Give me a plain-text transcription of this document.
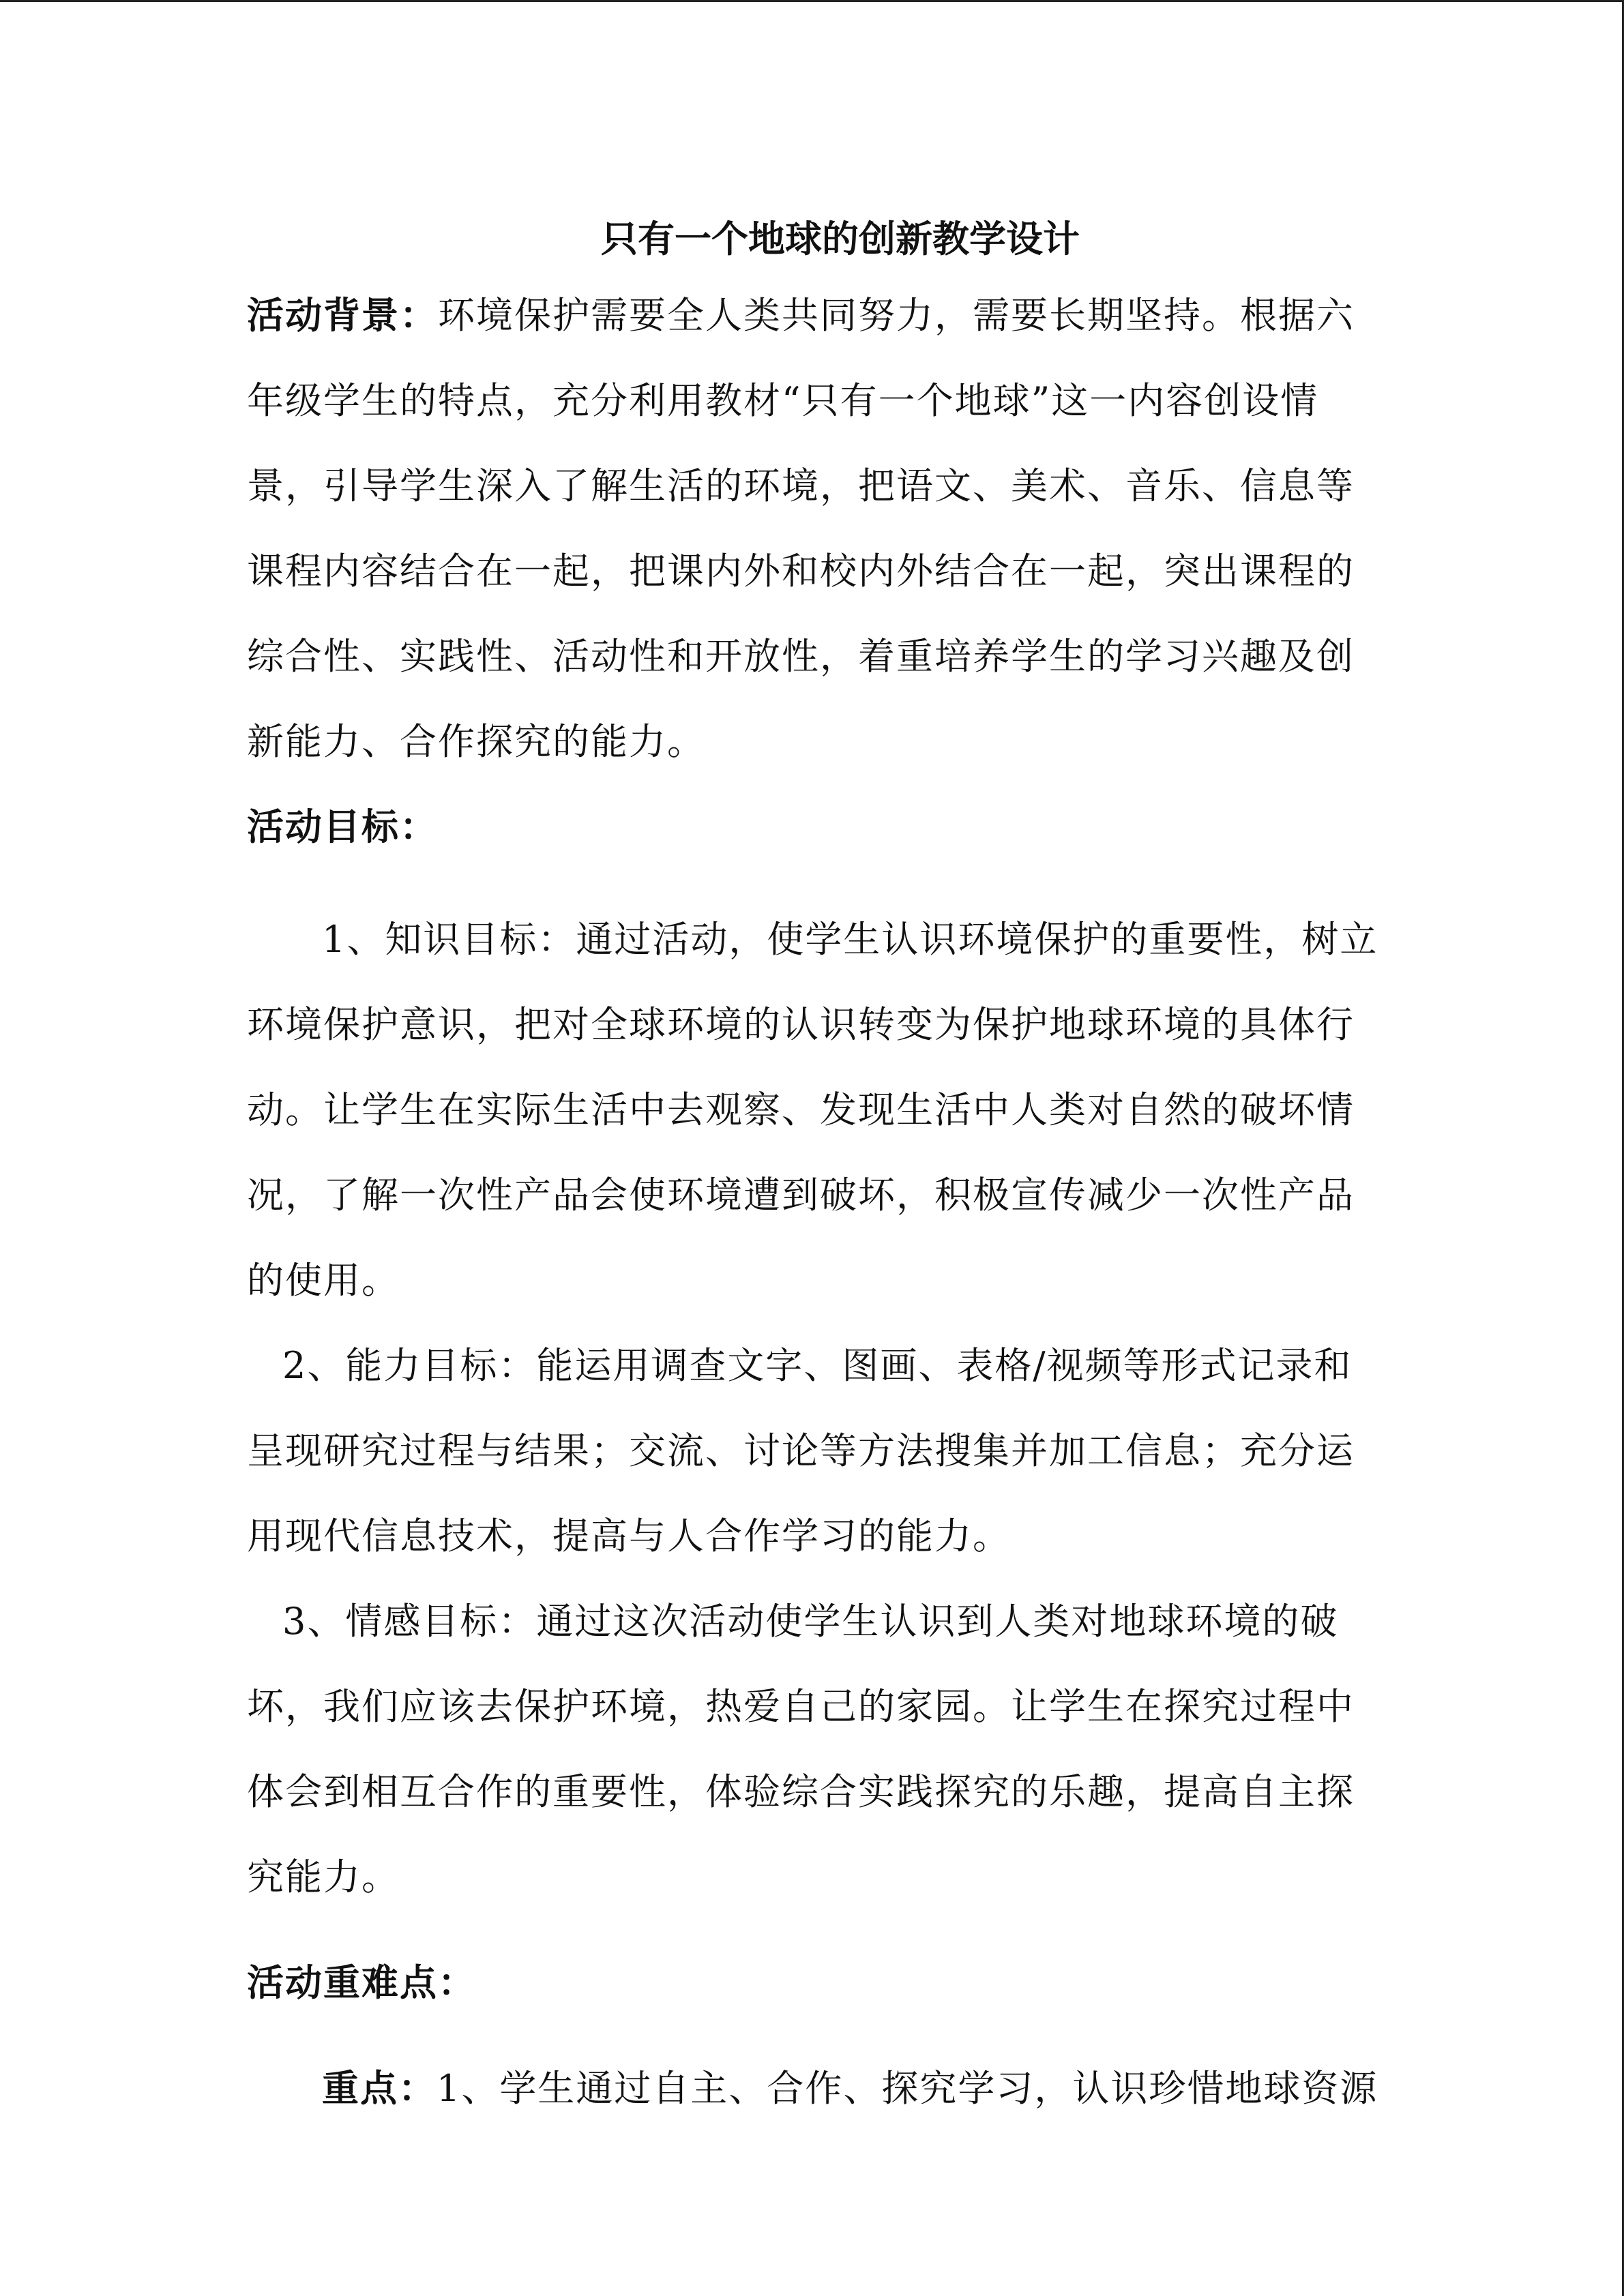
只有一个地球的创新教学设计
活动背景：环境保护需要全人类共同努力，需要长期坚持。根据六
年级学生的特点，充分利用教材“只有一个地球”这一内容创设情
景，引导学生深入了解生活的环境，把语文、美术、音乐、信息等
课程内容结合在一起，把课内外和校内外结合在一起，突出课程的
综合性、实践性、活动性和开放性，着重培养学生的学习兴趣及创
新能力、合作探究的能力。
活动目标：
1、知识目标：通过活动，使学生认识环境保护的重要性，树立
环境保护意识，把对全球环境的认识转变为保护地球环境的具体行
动。让学生在实际生活中去观察、发现生活中人类对自然的破坏情
况，了解一次性产品会使环境遭到破坏，积极宣传减少一次性产品
的使用。
2、能力目标：能运用调查文字、图画、表格/视频等形式记录和
呈现研究过程与结果；交流、讨论等方法搜集并加工信息；充分运
用现代信息技术，提高与人合作学习的能力。
3、情感目标：通过这次活动使学生认识到人类对地球环境的破
坏，我们应该去保护环境，热爱自己的家园。让学生在探究过程中
体会到相互合作的重要性，体验综合实践探究的乐趣，提高自主探
究能力。
活动重难点：
重点：1、学生通过自主、合作、探究学习，认识珍惜地球资源
